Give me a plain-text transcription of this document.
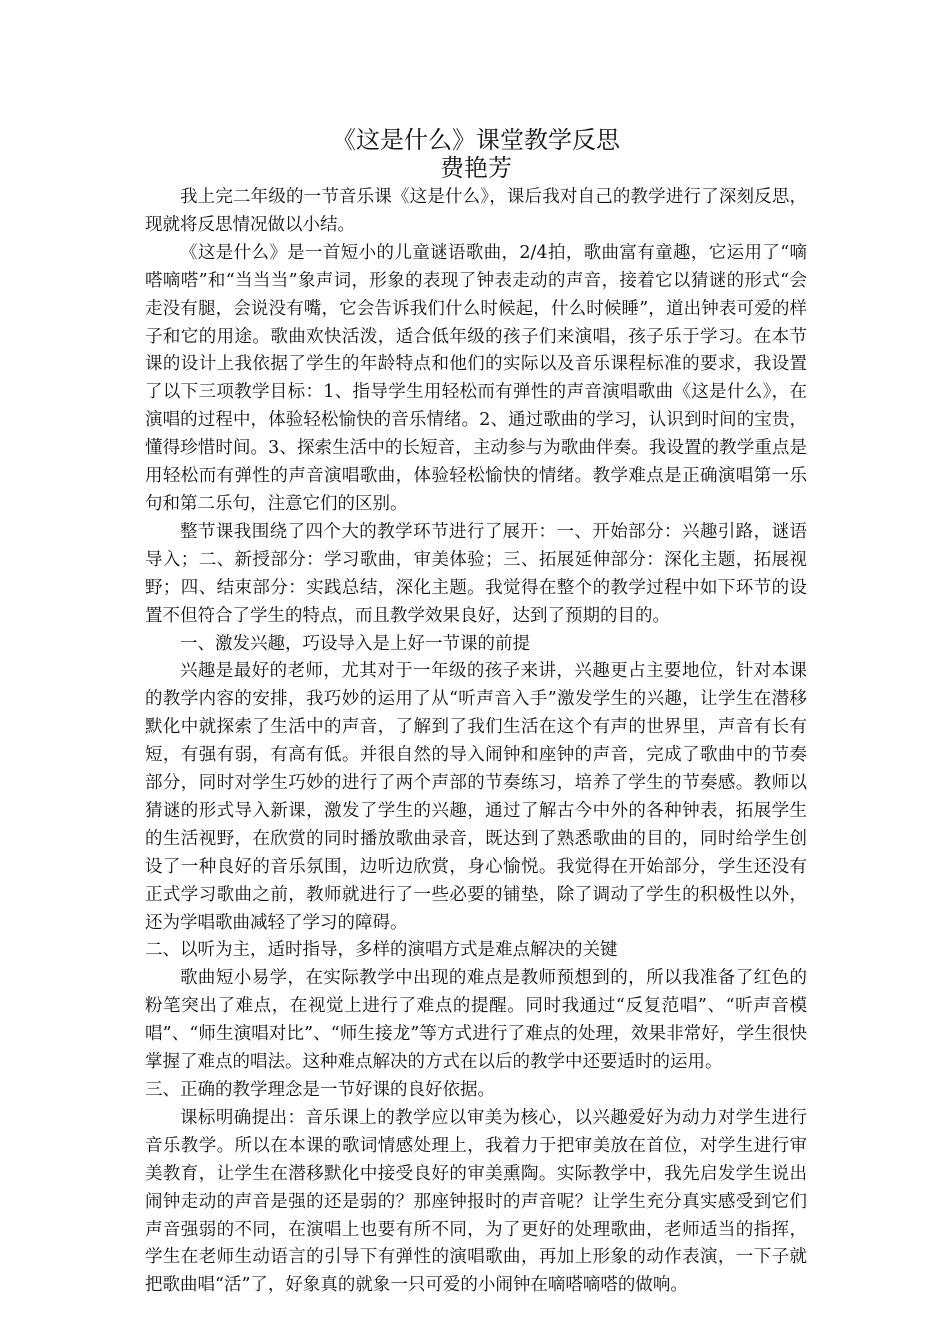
《这是什么》课堂教学反思
费艳芳

我上完二年级的一节音乐课《这是什么》，课后我对自己的教学进行了深刻反思，现就将反思情况做以小结。

《这是什么》是一首短小的儿童谜语歌曲，2/4拍，歌曲富有童趣，它运用了“嘀嗒嘀嗒”和“当当当”象声词，形象的表现了钟表走动的声音，接着它以猜谜的形式“会走没有腿，会说没有嘴，它会告诉我们什么时候起，什么时候睡”，道出钟表可爱的样子和它的用途。歌曲欢快活泼，适合低年级的孩子们来演唱，孩子乐于学习。在本节课的设计上我依据了学生的年龄特点和他们的实际以及音乐课程标准的要求，我设置了以下三项教学目标：1、指导学生用轻松而有弹性的声音演唱歌曲《这是什么》，在演唱的过程中，体验轻松愉快的音乐情绪。2、通过歌曲的学习，认识到时间的宝贵，懂得珍惜时间。3、探索生活中的长短音，主动参与为歌曲伴奏。我设置的教学重点是用轻松而有弹性的声音演唱歌曲，体验轻松愉快的情绪。教学难点是正确演唱第一乐句和第二乐句，注意它们的区别。

整节课我围绕了四个大的教学环节进行了展开：一、开始部分：兴趣引路，谜语导入；二、新授部分：学习歌曲，审美体验；三、拓展延伸部分：深化主题，拓展视野；四、结束部分：实践总结，深化主题。我觉得在整个的教学过程中如下环节的设置不但符合了学生的特点，而且教学效果良好，达到了预期的目的。

一、激发兴趣，巧设导入是上好一节课的前提

兴趣是最好的老师，尤其对于一年级的孩子来讲，兴趣更占主要地位，针对本课的教学内容的安排，我巧妙的运用了从“听声音入手”激发学生的兴趣，让学生在潜移默化中就探索了生活中的声音，了解到了我们生活在这个有声的世界里，声音有长有短，有强有弱，有高有低。并很自然的导入闹钟和座钟的声音，完成了歌曲中的节奏部分，同时对学生巧妙的进行了两个声部的节奏练习，培养了学生的节奏感。教师以猜谜的形式导入新课，激发了学生的兴趣，通过了解古今中外的各种钟表，拓展学生的生活视野，在欣赏的同时播放歌曲录音，既达到了熟悉歌曲的目的，同时给学生创设了一种良好的音乐氛围，边听边欣赏，身心愉悦。我觉得在开始部分，学生还没有正式学习歌曲之前，教师就进行了一些必要的铺垫，除了调动了学生的积极性以外，还为学唱歌曲减轻了学习的障碍。

二、以听为主，适时指导，多样的演唱方式是难点解决的关键

歌曲短小易学，在实际教学中出现的难点是教师预想到的，所以我准备了红色的粉笔突出了难点，在视觉上进行了难点的提醒。同时我通过“反复范唱”、“听声音模唱”、“师生演唱对比”、“师生接龙”等方式进行了难点的处理，效果非常好，学生很快掌握了难点的唱法。这种难点解决的方式在以后的教学中还要适时的运用。

三、正确的教学理念是一节好课的良好依据。

课标明确提出：音乐课上的教学应以审美为核心，以兴趣爱好为动力对学生进行音乐教学。所以在本课的歌词情感处理上，我着力于把审美放在首位，对学生进行审美教育，让学生在潜移默化中接受良好的审美熏陶。实际教学中，我先启发学生说出闹钟走动的声音是强的还是弱的？那座钟报时的声音呢？让学生充分真实感受到它们声音强弱的不同，在演唱上也要有所不同，为了更好的处理歌曲，老师适当的指挥，学生在老师生动语言的引导下有弹性的演唱歌曲，再加上形象的动作表演，一下子就把歌曲唱“活”了，好象真的就象一只可爱的小闹钟在嘀嗒嘀嗒的做响。
